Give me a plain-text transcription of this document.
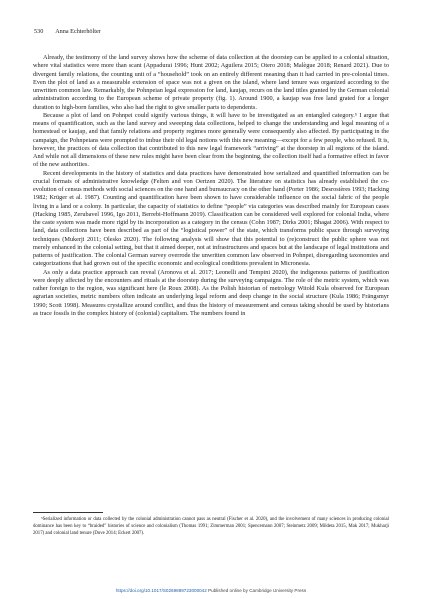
530 Anna Echterhölter

Already, the testimony of the land survey shows how the scheme of data collection at the doorstep can be applied to a colonial situation, where vital statistics were more than scant (Appadurai 1996; Hunt 2002; Aguilera 2015; Otero 2018; Malègue 2018; Renard 2021). Due to divergent family relations, the counting unit of a “household” took on an entirely different meaning than it had carried in pre-colonial times. Even the plot of land as a measurable extension of space was not a given on the island, where land tenure was organized according to the unwritten common law. Remarkably, the Pohnpeian legal expression for land, kaujap, recurs on the land titles granted by the German colonial administration according to the European scheme of private property (fig. 1). Around 1900, a kaujap was free land grated for a longer duration to high-born families, who also had the right to give smaller parts to dependents.

Because a plot of land on Pohnpei could signify various things, it will have to be investigated as an entangled category.⁵ I argue that means of quantification, such as the land survey and sweeping data collections, helped to change the understanding and legal meaning of a homestead or kaujap, and that family relations and property regimes more generally were consequently also affected. By participating in the campaign, the Pohnpeians were prompted to imbue their old legal notions with this new meaning—except for a few people, who refused. It is, however, the practices of data collection that contributed to this new legal framework “arriving” at the doorstep in all regions of the island. And while not all dimensions of these new rules might have been clear from the beginning, the collection itself had a formative effect in favor of the new authorities.

Recent developments in the history of statistics and data practices have demonstrated how serialized and quantified information can be crucial formats of administrative knowledge (Felten and von Oertzen 2020). The literature on statistics has already established the co-evolution of census methods with social sciences on the one hand and bureaucracy on the other hand (Porter 1986; Desrosières 1993; Hacking 1982; Krüger et al. 1987). Counting and quantification have been shown to have considerable influence on the social fabric of the people living in a land or a colony. In particular, the capacity of statistics to define “people” via categories was described mainly for European cases (Hacking 1985, Zerubavel 1996, Igo 2011, Berrebi-Hoffmann 2019). Classification can be considered well explored for colonial India, where the caste system was made more rigid by its incorporation as a category in the census (Cohn 1987; Dirks 2001; Bhagat 2006). With respect to land, data collections have been described as part of the “logistical power” of the state, which transforms public space through surveying techniques (Mukerji 2011; Olesko 2020). The following analysis will show that this potential to (re)construct the public sphere was not merely enhanced in the colonial setting, but that it aimed deeper, not at infrastructures and spaces but at the landscape of legal institutions and patterns of justification. The colonial German survey overrode the unwritten common law observed in Pohnpei, disregarding taxonomies and categorizations that had grown out of the specific economic and ecological conditions prevalent in Micronesia.

As only a data practice approach can reveal (Aronova et al. 2017; Leonelli and Tempini 2020), the indigenous patterns of justification were deeply affected by the encounters and rituals at the doorstep during the surveying campaigns. The role of the metric system, which was rather foreign to the region, was significant here (le Roux 2008). As the Polish historian of metrology Witold Kula observed for European agrarian societies, metric numbers often indicate an underlying legal reform and deep change in the social structure (Kula 1986; Frängsmyr 1990; Scott 1998). Measures crystallize around conflict, and thus the history of measurement and census taking should be used by historians as trace fossils in the complex history of (colonial) capitalism. The numbers found in

⁵Serialized information or data collected by the colonial administration cannot pass as neutral (Fischer et al. 2020), and the involvement of many sciences in producing colonial dominance has been key to “braided” histories of science and colonialism (Thomas 1991; Zimmerman 2001; Spencemann 2007; Steinmetz 2009; Mildeta 2015, Mak 2017; Mukharji 2017) and colonial land tenure (Duve 2014; Eckert 2007).

https://doi.org/10.1017/S0269889723000042 Published online by Cambridge University Press
